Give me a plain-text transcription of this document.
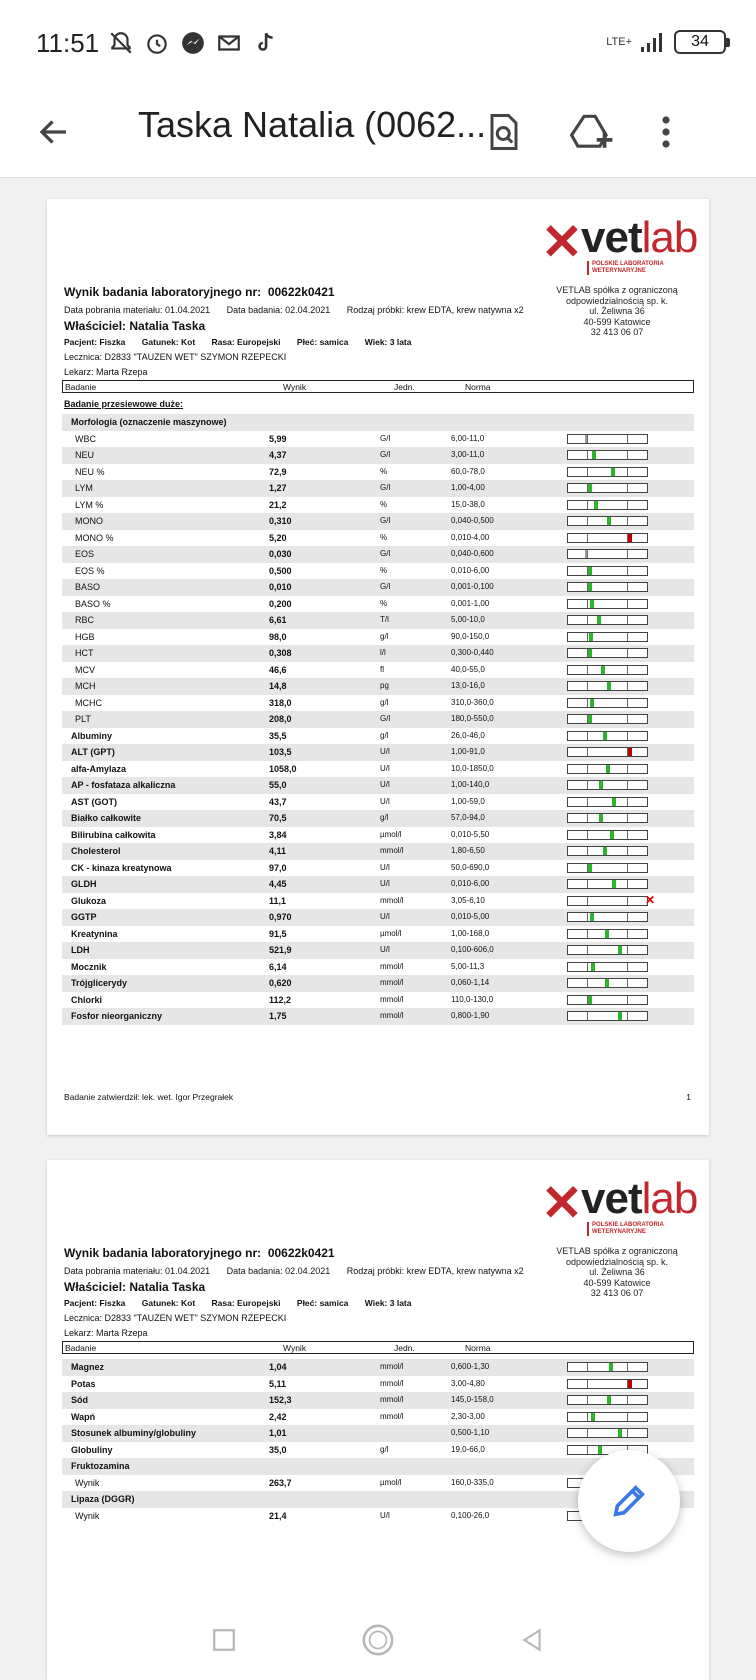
11:51	LTE+	34
Taska Natalia (0062...
✕
vetlab
POLSKIE LABORATORIA
WETERYNARYJNE
VETLAB spółka z ograniczoną
odpowiedzialnością sp. k.
ul. Żeliwna 36
40-599 Katowice
32 413 06 07
Wynik badania laboratoryjnego nr: 00622k0421
Data pobrania materiału: 01.04.2021 Data badania: 02.04.2021 Rodzaj próbki: krew EDTA, krew natywna x2
Właściciel: Natalia Taska
Pacjent: Fiszka Gatunek: Kot Rasa: Europejski Płeć: samica Wiek: 3 lata
Lecznica: D2833 "TAUZEN WET" SZYMON RZEPECKI
Lekarz: Marta Rzepa
Badanie	Wynik	Jedn.	Norma
Badanie przesiewowe duże:
Morfologia (oznaczenie maszynowe)
WBC	5,99	G/l	6,00-11,0
NEU	4,37	G/l	3,00-11,0
NEU %	72,9	%	60,0-78,0
LYM	1,27	G/l	1,00-4,00
LYM %	21,2	%	15,0-38,0
MONO	0,310	G/l	0,040-0,500
MONO %	5,20	%	0,010-4,00
EOS	0,030	G/l	0,040-0,600
EOS %	0,500	%	0,010-6,00
BASO	0,010	G/l	0,001-0,100
BASO %	0,200	%	0,001-1,00
RBC	6,61	T/l	5,00-10,0
HGB	98,0	g/l	90,0-150,0
HCT	0,308	l/l	0,300-0,440
MCV	46,6	fl	40,0-55,0
MCH	14,8	pg	13,0-16,0
MCHC	318,0	g/l	310,0-360,0
PLT	208,0	G/l	180,0-550,0
Albuminy	35,5	g/l	26,0-46,0
ALT (GPT)	103,5	U/l	1,00-91,0
alfa-Amylaza	1058,0	U/l	10,0-1850,0
AP - fosfataza alkaliczna	55,0	U/l	1,00-140,0
AST (GOT)	43,7	U/l	1,00-59,0
Białko całkowite	70,5	g/l	57,0-94,0
Bilirubina całkowita	3,84	µmol/l	0,010-5,50
Cholesterol	4,11	mmol/l	1,80-6,50
CK - kinaza kreatynowa	97,0	U/l	50,0-690,0
GLDH	4,45	U/l	0,010-6,00
Glukoza	11,1	mmol/l	3,05-6,10	✕
GGTP	0,970	U/l	0,010-5,00
Kreatynina	91,5	µmol/l	1,00-168,0
LDH	521,9	U/l	0,100-606,0
Mocznik	6,14	mmol/l	5,00-11,3
Trójglicerydy	0,620	mmol/l	0,060-1,14
Chlorki	112,2	mmol/l	110,0-130,0
Fosfor nieorganiczny	1,75	mmol/l	0,800-1,90
Badanie zatwierdził: lek. wet. Igor Przegrałek	1
✕
vetlab
POLSKIE LABORATORIA
WETERYNARYJNE
VETLAB spółka z ograniczoną
odpowiedzialnością sp. k.
ul. Żeliwna 36
40-599 Katowice
32 413 06 07
Wynik badania laboratoryjnego nr: 00622k0421
Data pobrania materiału: 01.04.2021 Data badania: 02.04.2021 Rodzaj próbki: krew EDTA, krew natywna x2
Właściciel: Natalia Taska
Pacjent: Fiszka Gatunek: Kot Rasa: Europejski Płeć: samica Wiek: 3 lata
Lecznica: D2833 "TAUZEN WET" SZYMON RZEPECKI
Lekarz: Marta Rzepa
Badanie	Wynik	Jedn.	Norma
Magnez	1,04	mmol/l	0,600-1,30
Potas	5,11	mmol/l	3,00-4,80
Sód	152,3	mmol/l	145,0-158,0
Wapń	2,42	mmol/l	2,30-3,00
Stosunek albuminy/globuliny	1,01	0,500-1,10
Globuliny	35,0	g/l	19,0-66,0
Fruktozamina
Wynik	263,7	µmol/l	160,0-335,0
Lipaza (DGGR)
Wynik	21,4	U/l	0,100-26,0
